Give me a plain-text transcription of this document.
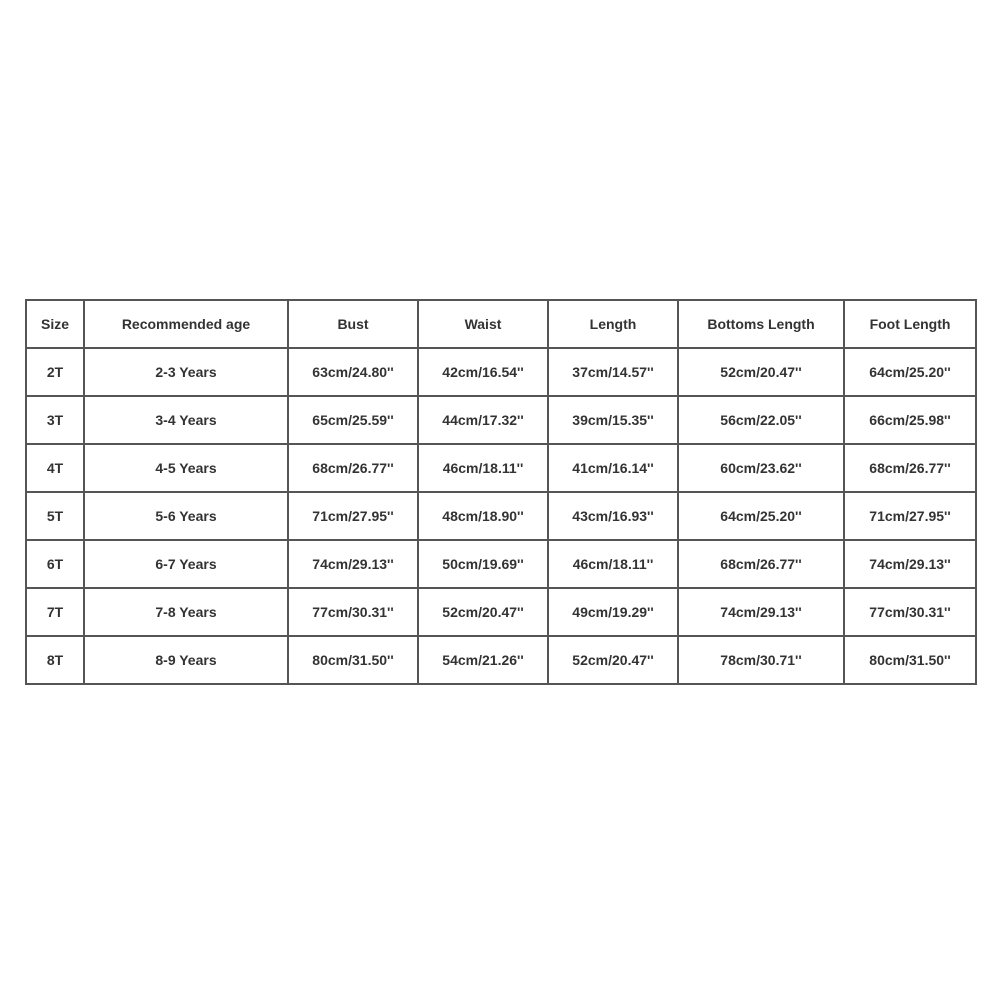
Size	Recommended age	Bust	Waist	Length	Bottoms Length	Foot Length
2T	2-3 Years	63cm/24.80''	42cm/16.54''	37cm/14.57''	52cm/20.47''	64cm/25.20''
3T	3-4 Years	65cm/25.59''	44cm/17.32''	39cm/15.35''	56cm/22.05''	66cm/25.98''
4T	4-5 Years	68cm/26.77''	46cm/18.11''	41cm/16.14''	60cm/23.62''	68cm/26.77''
5T	5-6 Years	71cm/27.95''	48cm/18.90''	43cm/16.93''	64cm/25.20''	71cm/27.95''
6T	6-7 Years	74cm/29.13''	50cm/19.69''	46cm/18.11''	68cm/26.77''	74cm/29.13''
7T	7-8 Years	77cm/30.31''	52cm/20.47''	49cm/19.29''	74cm/29.13''	77cm/30.31''
8T	8-9 Years	80cm/31.50''	54cm/21.26''	52cm/20.47''	78cm/30.71''	80cm/31.50''
